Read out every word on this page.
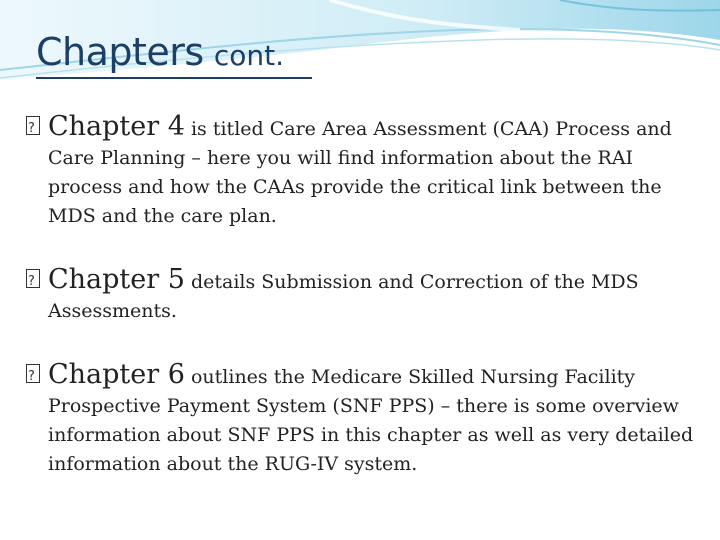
Chapters cont.
?
Chapter 4 is titled Care Area Assessment (CAA) Process and Care Planning – here you will find information about the RAI process and how the CAAs provide the critical link between the MDS and the care plan.
?
Chapter 5 details Submission and Correction of the MDS Assessments.
?
Chapter 6 outlines the Medicare Skilled Nursing Facility Prospective Payment System (SNF PPS) – there is some overview information about SNF PPS in this chapter as well as very detailed information about the RUG-IV system.
